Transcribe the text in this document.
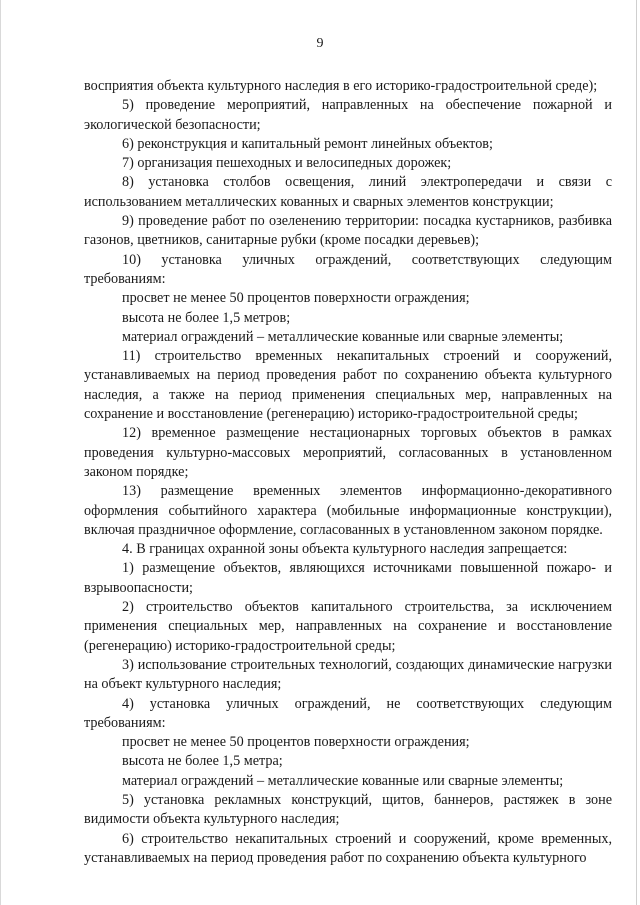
9

восприятия объекта культурного наследия в его историко-градостроительной среде);

5) проведение мероприятий, направленных на обеспечение пожарной и экологической безопасности;

6) реконструкция и капитальный ремонт линейных объектов;

7) организация пешеходных и велосипедных дорожек;

8) установка столбов освещения, линий электропередачи и связи с использованием металлических кованных и сварных элементов конструкции;

9) проведение работ по озеленению территории: посадка кустарников, разбивка газонов, цветников, санитарные рубки (кроме посадки деревьев);

10) установка уличных ограждений, соответствующих следующим требованиям:

просвет не менее 50 процентов поверхности ограждения;

высота не более 1,5 метров;

материал ограждений – металлические кованные или сварные элементы;

11) строительство временных некапитальных строений и сооружений, устанавливаемых на период проведения работ по сохранению объекта культурного наследия, а также на период применения специальных мер, направленных на сохранение и восстановление (регенерацию) историко-градостроительной среды;

12) временное размещение нестационарных торговых объектов в рамках проведения культурно-массовых мероприятий, согласованных в установленном законом порядке;

13) размещение временных элементов информационно-декоративного оформления событийного характера (мобильные информационные конструкции), включая праздничное оформление, согласованных в установленном законом порядке.

4. В границах охранной зоны объекта культурного наследия запрещается:

1) размещение объектов, являющихся источниками повышенной пожаро- и взрывоопасности;

2) строительство объектов капитального строительства, за исключением применения специальных мер, направленных на сохранение и восстановление (регенерацию) историко-градостроительной среды;

3) использование строительных технологий, создающих динамические нагрузки на объект культурного наследия;

4) установка уличных ограждений, не соответствующих следующим требованиям:

просвет не менее 50 процентов поверхности ограждения;

высота не более 1,5 метра;

материал ограждений – металлические кованные или сварные элементы;

5) установка рекламных конструкций, щитов, баннеров, растяжек в зоне видимости объекта культурного наследия;

6) строительство некапитальных строений и сооружений, кроме временных, устанавливаемых на период проведения работ по сохранению объекта культурного
